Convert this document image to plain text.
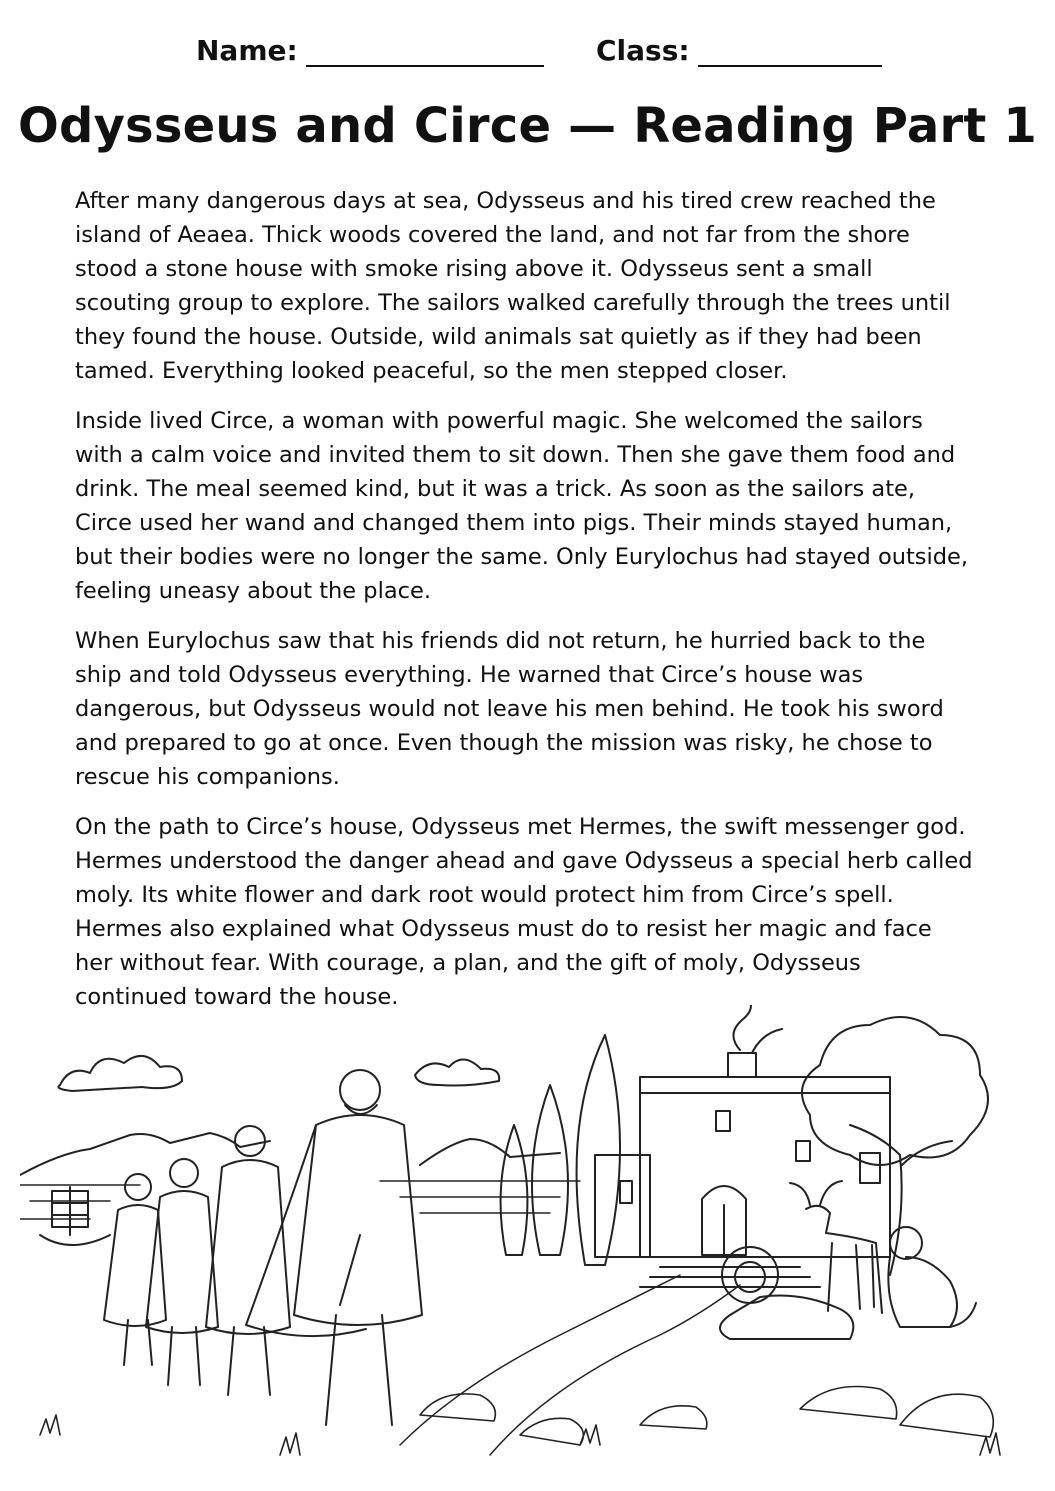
Name:	Class:
Odysseus and Circe — Reading Part 1

After many dangerous days at sea, Odysseus and his tired crew reached the island of Aeaea. Thick woods covered the land, and not far from the shore stood a stone house with smoke rising above it. Odysseus sent a small scouting group to explore. The sailors walked carefully through the trees until they found the house. Outside, wild animals sat quietly as if they had been tamed. Everything looked peaceful, so the men stepped closer.

Inside lived Circe, a woman with powerful magic. She welcomed the sailors with a calm voice and invited them to sit down. Then she gave them food and drink. The meal seemed kind, but it was a trick. As soon as the sailors ate, Circe used her wand and changed them into pigs. Their minds stayed human, but their bodies were no longer the same. Only Eurylochus had stayed outside, feeling uneasy about the place.

When Eurylochus saw that his friends did not return, he hurried back to the ship and told Odysseus everything. He warned that Circe’s house was dangerous, but Odysseus would not leave his men behind. He took his sword and prepared to go at once. Even though the mission was risky, he chose to rescue his companions.

On the path to Circe’s house, Odysseus met Hermes, the swift messenger god. Hermes understood the danger ahead and gave Odysseus a special herb called moly. Its white flower and dark root would protect him from Circe’s spell. Hermes also explained what Odysseus must do to resist her magic and face her without fear. With courage, a plan, and the gift of moly, Odysseus continued toward the house.
